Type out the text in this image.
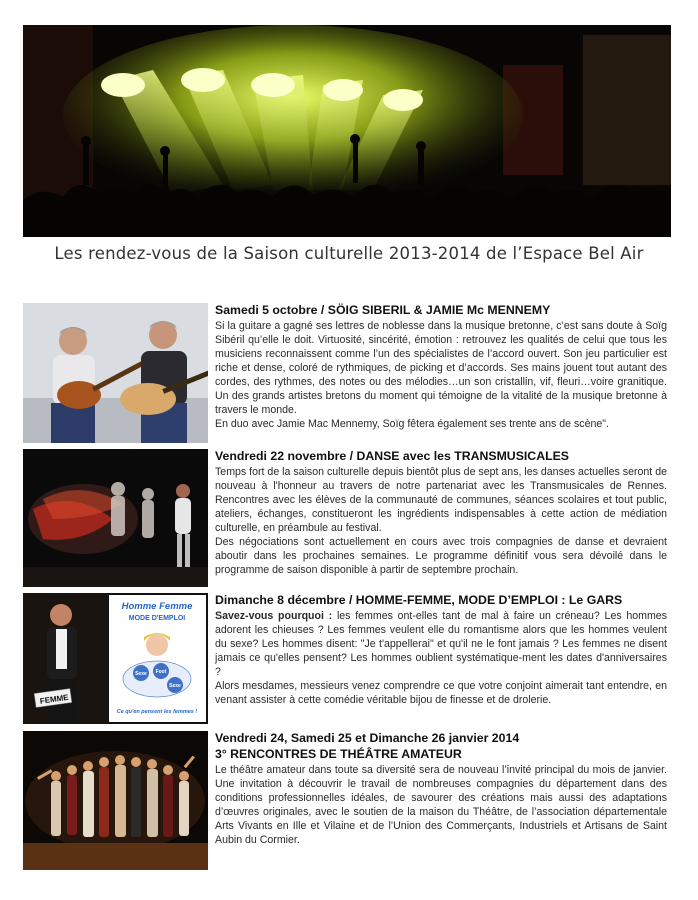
Les rendez-vous de la Saison culturelle 2013-2014 de l’Espace Bel Air
Samedi 5 octobre / SÖIG SIBERIL & JAMIE Mc MENNEMY

Si la guitare a gagné ses lettres de noblesse dans la musique bretonne, c’est sans doute à Soïg Sibéril qu’elle le doit. Virtuosité, sincérité, émotion : retrouvez les qualités de celui que tous les musiciens reconnaissent comme l’un des spécialistes de l’accord ouvert. Son jeu particulier est riche et dense, coloré de rythmiques, de picking et d’accords. Ses mains jouent tout autant des cordes, des rythmes, des notes ou des mélodies…un son cristallin, vif, fleuri…voire granitique. Un des grands artistes bretons du moment qui témoigne de la vitalité de la musique bretonne à travers le monde.

En duo avec Jamie Mac Mennemy, Soïg fêtera également ses trente ans de scène".

Vendredi 22 novembre / DANSE avec les TRANSMUSICALES

Temps fort de la saison culturelle depuis bientôt plus de sept ans, les danses actuelles seront de nouveau à l'honneur au travers de notre partenariat avec les Transmusicales de Rennes. Rencontres avec les élèves de la communauté de communes, séances scolaires et tout public, ateliers, échanges, constitueront les ingrédients indispensables à cette action de médiation culturelle, en préambule au festival.

Des négociations sont actuellement en cours avec trois compagnies de danse et devraient aboutir dans les prochaines semaines. Le programme définitif vous sera dévoilé dans le programme de saison disponible à partir de septembre prochain.

FEMME
Homme Femme
MODE D'EMPLOI
Sexe Foot
Sexe
Ce qu'en pensent les femmes !
Dimanche 8 décembre / HOMME-FEMME, MODE D’EMPLOI : Le GARS

Savez-vous pourquoi : les femmes ont-elles tant de mal à faire un créneau? Les hommes adorent les chieuses ? Les femmes veulent elle du romantisme alors que les hommes veulent du sexe? Les hommes disent: "Je t'appellerai" et qu'il ne le font jamais ? Les femmes ne disent jamais ce qu'elles pensent? Les hommes oublient systématique-ment les dates d'anniversaires ?

Alors mesdames, messieurs venez comprendre ce que votre conjoint aimerait tant entendre, en venant assister à cette comédie véritable bijou de finesse et de drolerie.

Vendredi 24, Samedi 25 et Dimanche 26 janvier 2014
3° RENCONTRES DE THÉÂTRE AMATEUR

Le théâtre amateur dans toute sa diversité sera de nouveau l’invité principal du mois de janvier. Une invitation à découvrir le travail de nombreuses compagnies du département dans des conditions professionnelles idéales, de savourer des créations mais aussi des adaptations d’œuvres originales, avec le soutien de la maison du Théâtre, de l’association départementale Arts Vivants en Ille et Vilaine et de l’Union des Commerçants, Industriels et Artisans de Saint Aubin du Cormier.
